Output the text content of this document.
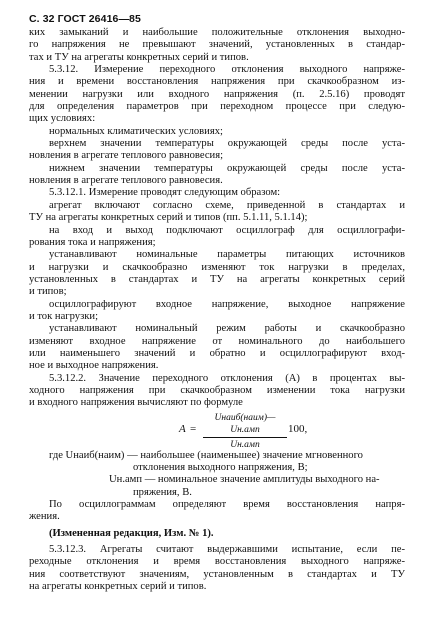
С. 32 ГОСТ 26416—85
ких замыканий и наибольшие положительные отклонения выходно-
го напряжения не превышают значений, установленных в стандар-
тах и ТУ на агрегаты конкретных серий и типов.
5.3.12. Измерение переходного отклонения выходного напряже-
ния и времени восстановления напряжения при скачкообразном из-
менении нагрузки или входного напряжения (п. 2.5.16) проводят
для определения параметров при переходном процессе при следую-
щих условиях:
нормальных климатических условиях;
верхнем значении температуры окружающей среды после уста-
новления в агрегате теплового равновесия;
нижнем значении температуры окружающей среды после уста-
новления в агрегате теплового равновесия.
5.3.12.1. Измерение проводят следующим образом:
агрегат включают согласно схеме, приведенной в стандартах и
ТУ на агрегаты конкретных серий и типов (пп. 5.1.11, 5.1.14);
на вход и выход подключают осциллограф для осциллографи-
рования тока и напряжения;
устанавливают номинальные параметры питающих источников
и нагрузки и скачкообразно изменяют ток нагрузки в пределах,
установленных в стандартах и ТУ на агрегаты конкретных серий
и типов;
осциллографируют входное напряжение, выходное напряжение
и ток нагрузки;
устанавливают номинальный режим работы и скачкообразно
изменяют входное напряжение от номинального до наибольшего
или наименьшего значений и обратно и осциллографируют вход-
ное и выходное напряжения.
5.3.12.2. Значение переходного отклонения (A) в процентах вы-
ходного напряжения при скачкообразном изменении тока нагрузки
и входного напряжения вычисляют по формуле
A =
Uнаиб(наим)—Uн.амп
Uн.амп
100,
где Uнаиб(наим) — наибольшее (наименьшее) значение мгновенного
отклонения выходного напряжения, В;
Uн.амп — номинальное значение амплитуды выходного на-
пряжения, В.
По осциллограммам определяют время восстановления напря-
жения.
(Измененная редакция, Изм. № 1).
5.3.12.3. Агрегаты считают выдержавшими испытание, если пе-
реходные отклонения и время восстановления выходного напряже-
ния соответствуют значениям, установленным в стандартах и ТУ
на агрегаты конкретных серий и типов.
